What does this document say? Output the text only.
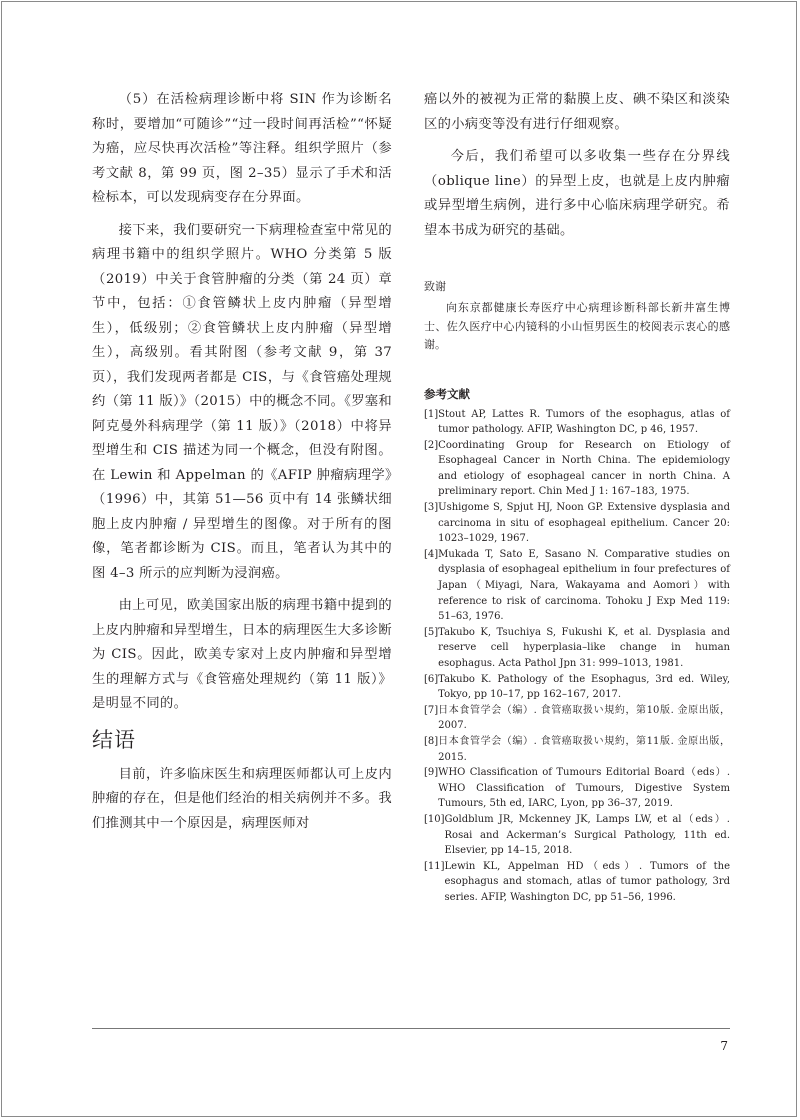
（5）在活检病理诊断中将 SIN 作为诊断名称时，要增加“可随诊”“过一段时间再活检”“怀疑为癌，应尽快再次活检”等注释。组织学照片（参考文献 8，第 99 页，图 2–35）显示了手术和活检标本，可以发现病变存在分界面。

接下来，我们要研究一下病理检查室中常见的病理书籍中的组织学照片。WHO 分类第 5 版（2019）中关于食管肿瘤的分类（第 24 页）章节中，包括：①食管鳞状上皮内肿瘤（异型增生），低级别；②食管鳞状上皮内肿瘤（异型增生），高级别。看其附图（参考文献 9，第 37 页），我们发现两者都是 CIS，与《食管癌处理规约（第 11 版）》（2015）中的概念不同。《罗塞和阿克曼外科病理学（第 11 版）》（2018）中将异型增生和 CIS 描述为同一个概念，但没有附图。在 Lewin 和 Appelman 的《AFIP 肿瘤病理学》（1996）中，其第 51—56 页中有 14 张鳞状细胞上皮内肿瘤 / 异型增生的图像。对于所有的图像，笔者都诊断为 CIS。而且，笔者认为其中的图 4–3 所示的应判断为浸润癌。

由上可见，欧美国家出版的病理书籍中提到的上皮内肿瘤和异型增生，日本的病理医生大多诊断为 CIS。因此，欧美专家对上皮内肿瘤和异型增生的理解方式与《食管癌处理规约（第 11 版）》是明显不同的。

结语

目前，许多临床医生和病理医师都认可上皮内肿瘤的存在，但是他们经治的相关病例并不多。我们推测其中一个原因是，病理医师对

癌以外的被视为正常的黏膜上皮、碘不染区和淡染区的小病变等没有进行仔细观察。

今后，我们希望可以多收集一些存在分界线（oblique line）的异型上皮，也就是上皮内肿瘤或异型增生病例，进行多中心临床病理学研究。希望本书成为研究的基础。

致谢

向东京都健康长寿医疗中心病理诊断科部长新井富生博士、佐久医疗中心内镜科的小山恒男医生的校阅表示衷心的感谢。

参考文献
[1] Stout AP, Lattes R. Tumors of the esophagus, atlas of tumor pathology. AFIP, Washington DC, p 46, 1957.
[2] Coordinating Group for Research on Etiology of Esophageal Cancer in North China. The epidemiology and etiology of esophageal cancer in north China. A preliminary report. Chin Med J 1: 167–183, 1975.
[3] Ushigome S, Spjut HJ, Noon GP. Extensive dysplasia and carcinoma in situ of esophageal epithelium. Cancer 20: 1023–1029, 1967.
[4] Mukada T, Sato E, Sasano N. Comparative studies on dysplasia of esophageal epithelium in four prefectures of Japan（Miyagi, Nara, Wakayama and Aomori）with reference to risk of carcinoma. Tohoku J Exp Med 119: 51–63, 1976.
[5] Takubo K, Tsuchiya S, Fukushi K, et al. Dysplasia and reserve cell hyperplasia–like change in human esophagus. Acta Pathol Jpn 31: 999–1013, 1981.
[6] Takubo K. Pathology of the Esophagus, 3rd ed. Wiley, Tokyo, pp 10–17, pp 162–167, 2017.
[7] 日本食管学会（编）. 食管癌取扱い規約，第10版. 金原出版，2007.
[8] 日本食管学会（编）. 食管癌取扱い規約，第11版. 金原出版，2015.
[9] WHO Classification of Tumours Editorial Board（eds）. WHO Classification of Tumours, Digestive System Tumours, 5th ed, IARC, Lyon, pp 36–37, 2019.
[10] Goldblum JR, Mckenney JK, Lamps LW, et al（eds）. Rosai and Ackerman’s Surgical Pathology, 11th ed. Elsevier, pp 14–15, 2018.
[11] Lewin KL, Appelman HD（eds）. Tumors of the esophagus and stomach, atlas of tumor pathology, 3rd series. AFIP, Washington DC, pp 51–56, 1996.
7
